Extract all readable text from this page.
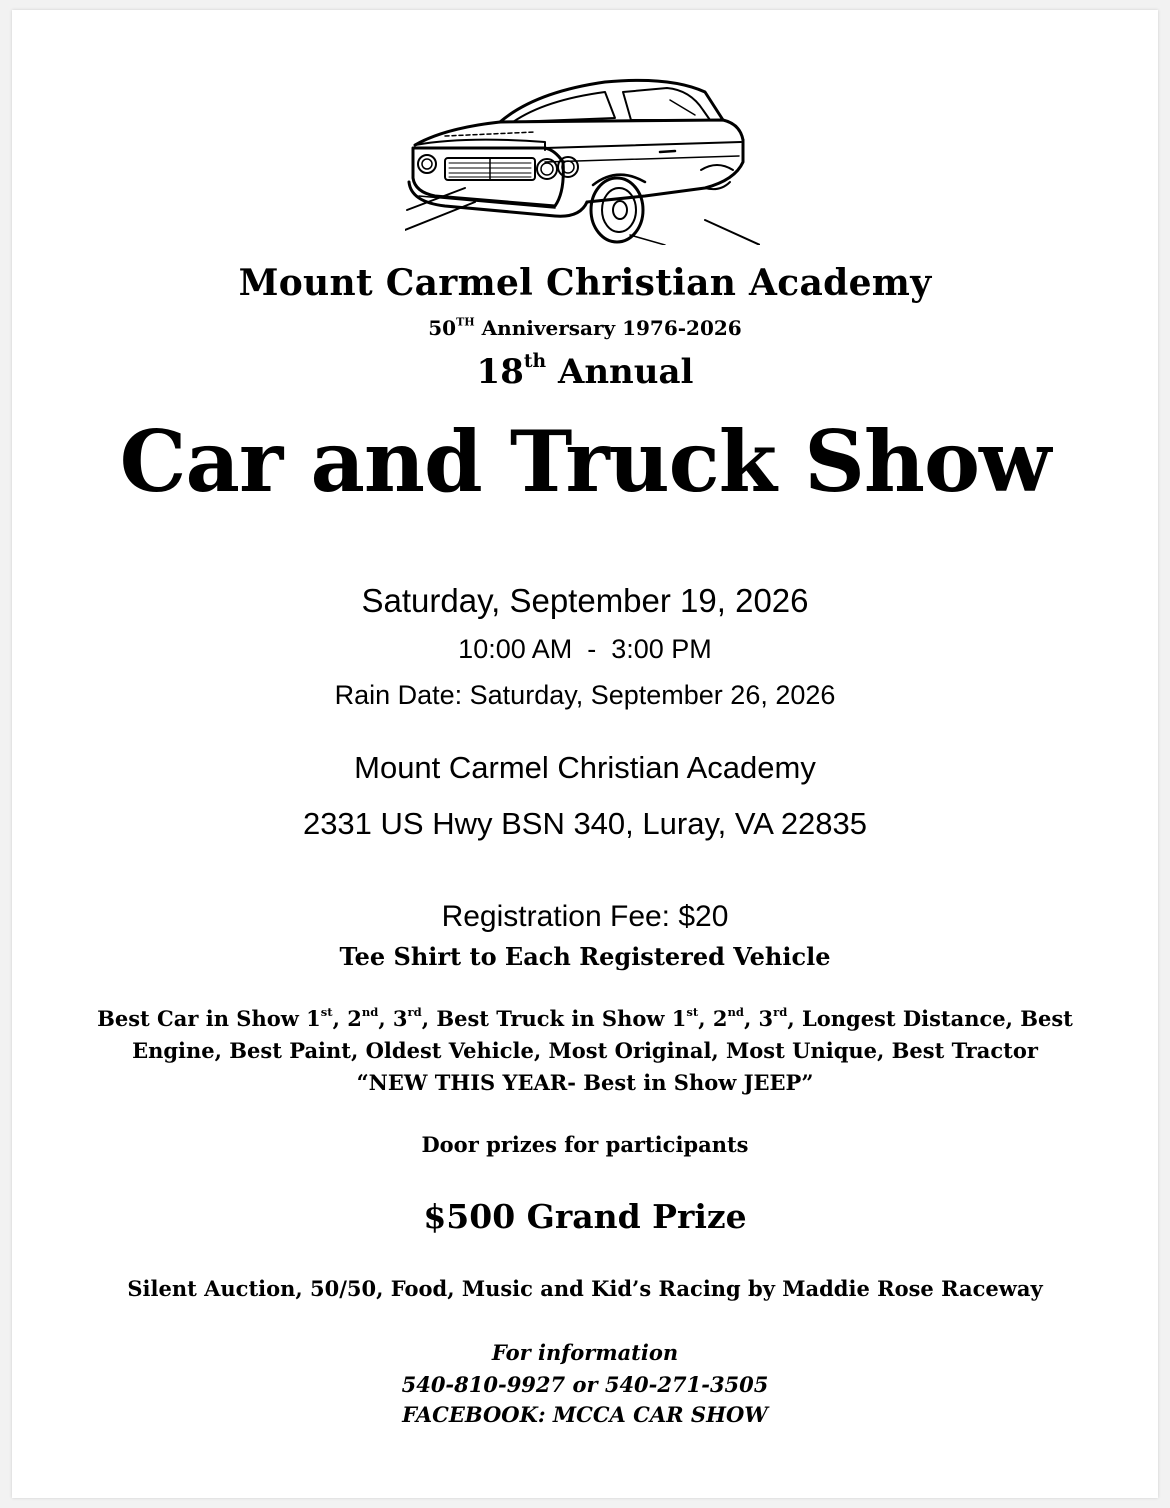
Mount Carmel Christian Academy
50TH Anniversary 1976-2026
18th Annual
Car and Truck Show
Saturday, September 19, 2026
10:00 AM  -  3:00 PM
Rain Date: Saturday, September 26, 2026
Mount Carmel Christian Academy
2331 US Hwy BSN 340, Luray, VA 22835
Registration Fee: $20
Tee Shirt to Each Registered Vehicle
Best Car in Show 1st, 2nd, 3rd, Best Truck in Show 1st, 2nd, 3rd, Longest Distance, Best
Engine, Best Paint, Oldest Vehicle, Most Original, Most Unique, Best Tractor
“NEW THIS YEAR- Best in Show JEEP”
Door prizes for participants
$500 Grand Prize
Silent Auction, 50/50, Food, Music and Kid’s Racing by Maddie Rose Raceway
For information
540-810-9927 or 540-271-3505
FACEBOOK: MCCA CAR SHOW
